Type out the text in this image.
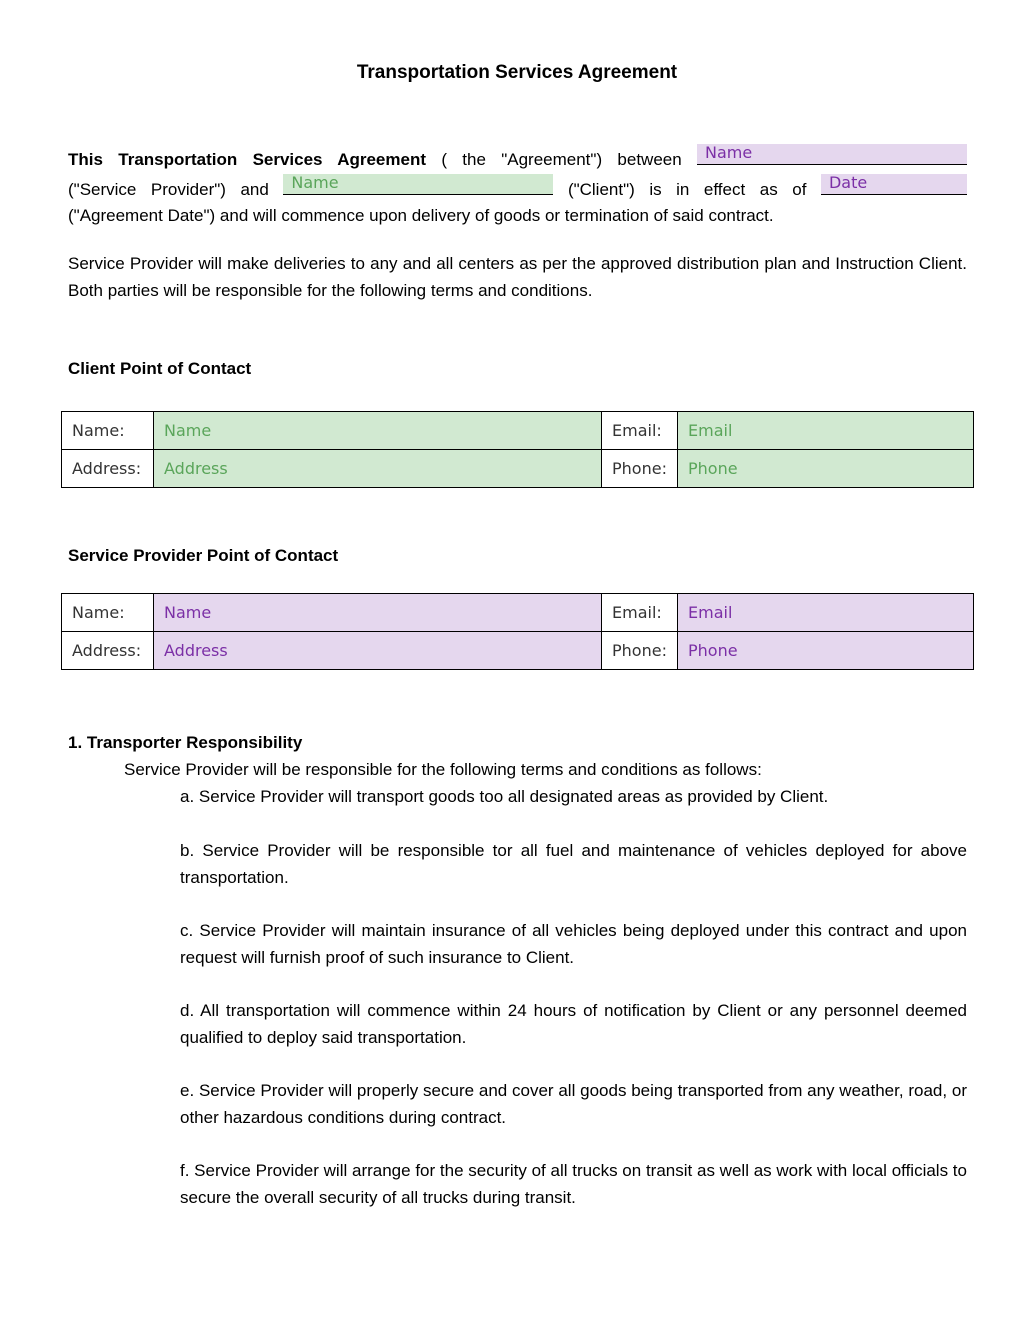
Transportation Services Agreement
This Transportation Services Agreement ( the "Agreement") between Name
("Service Provider") and Name	("Client") is in effect as of Date
("Agreement Date") and will commence upon delivery of goods or termination of said contract.
Service Provider will make deliveries to any and all centers as per the approved distribution plan and Instruction Client. Both parties will be responsible for the following terms and conditions.
Client Point of Contact
Name:	Name	Email:	Email

Address:	Address	Phone:	Phone
Service Provider Point of Contact
Name:	Name	Email:	Email

Address:	Address	Phone:	Phone
1. Transporter Responsibility
Service Provider will be responsible for the following terms and conditions as follows:
a. Service Provider will transport goods too all designated areas as provided by Client.
b. Service Provider will be responsible tor all fuel and maintenance of vehicles deployed for above transportation.
c. Service Provider will maintain insurance of all vehicles being deployed under this contract and upon request will furnish proof of such insurance to Client.
d. All transportation will commence within 24 hours of notification by Client or any personnel deemed qualified to deploy said transportation.
e. Service Provider will properly secure and cover all goods being transported from any weather, road, or other hazardous conditions during contract.
f. Service Provider will arrange for the security of all trucks on transit as well as work with local officials to secure the overall security of all trucks during transit.
